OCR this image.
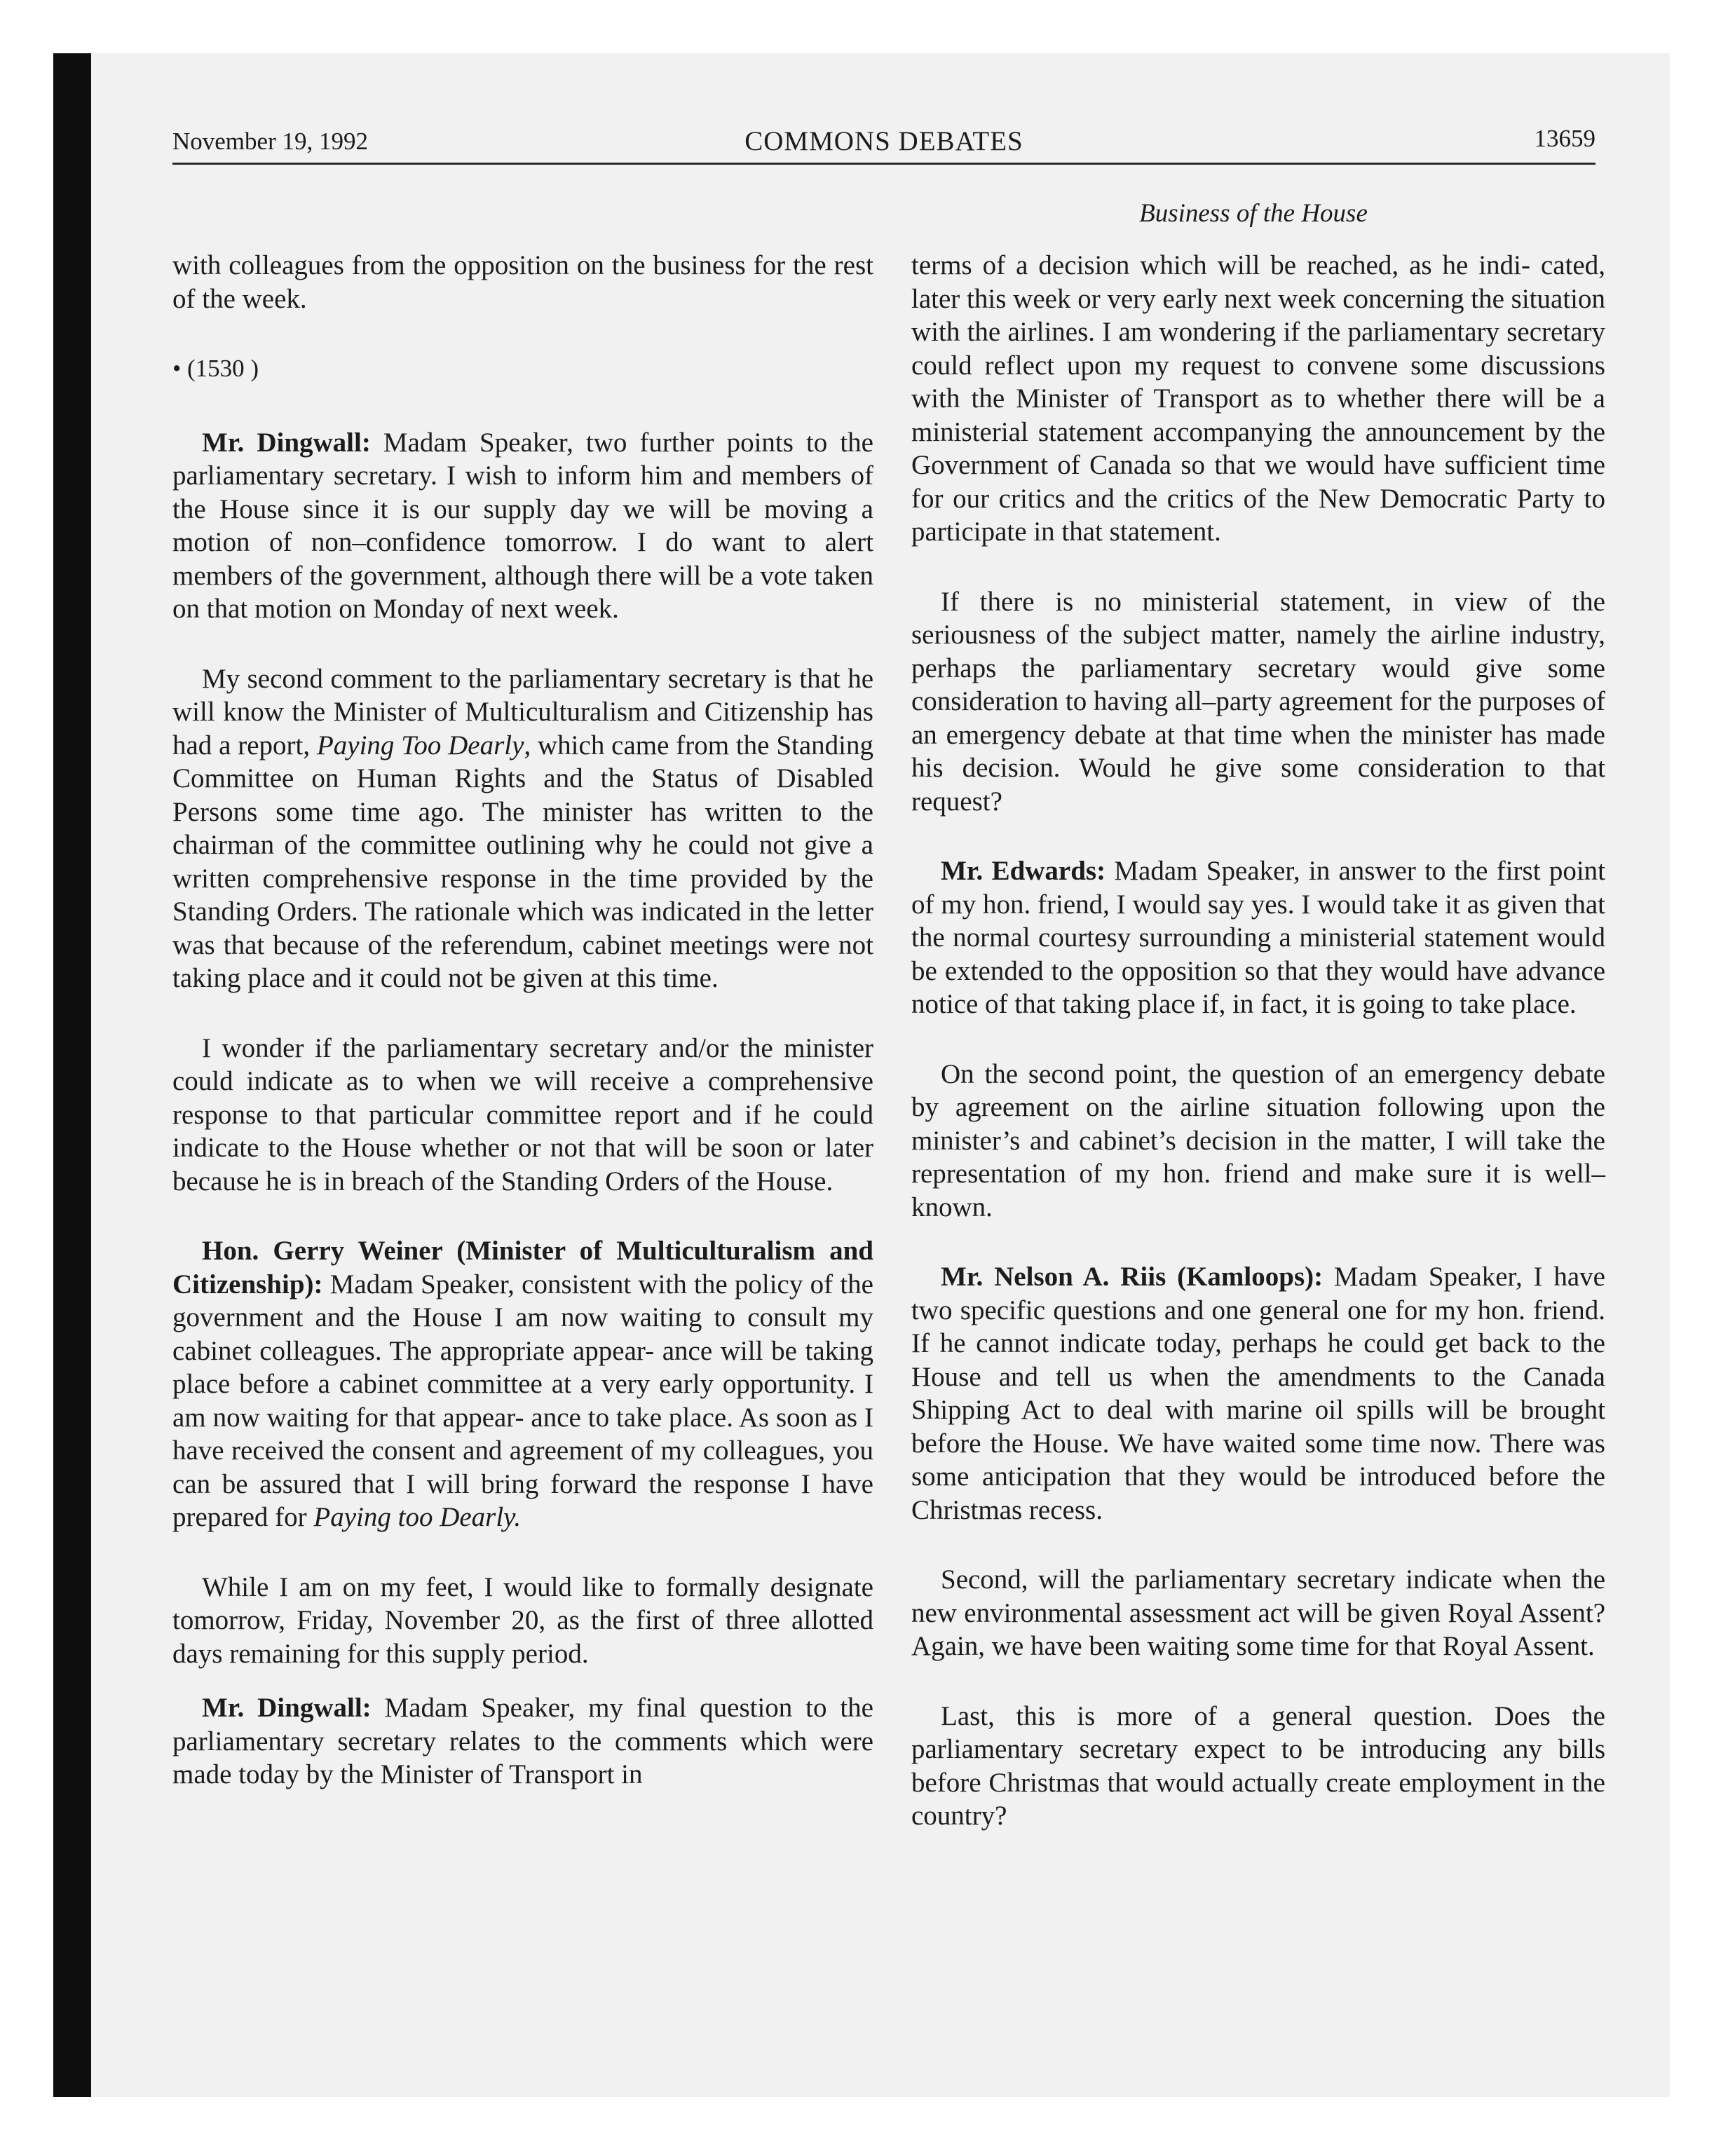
November 19, 1992	COMMONS DEBATES	13659
Business of the House

with colleagues from the opposition on the business for the rest of the week.

• (1530 )

Mr. Dingwall: Madam Speaker, two further points to the parliamentary secretary. I wish to inform him and members of the House since it is our supply day we will be moving a motion of non–confidence tomorrow. I do want to alert members of the government, although there will be a vote taken on that motion on Monday of next week.

My second comment to the parliamentary secretary is that he will know the Minister of Multiculturalism and Citizenship has had a report, Paying Too Dearly, which came from the Standing Committee on Human Rights and the Status of Disabled Persons some time ago. The minister has written to the chairman of the committee outlining why he could not give a written comprehensive response in the time provided by the Standing Orders. The rationale which was indicated in the letter was that because of the referendum, cabinet meetings were not taking place and it could not be given at this time.

I wonder if the parliamentary secretary and/or the minister could indicate as to when we will receive a comprehensive response to that particular committee report and if he could indicate to the House whether or not that will be soon or later because he is in breach of the Standing Orders of the House.

Hon. Gerry Weiner (Minister of Multiculturalism and Citizenship): Madam Speaker, consistent with the policy of the government and the House I am now waiting to consult my cabinet colleagues. The appropriate appear- ance will be taking place before a cabinet committee at a very early opportunity. I am now waiting for that appear- ance to take place. As soon as I have received the consent and agreement of my colleagues, you can be assured that I will bring forward the response I have prepared for Paying too Dearly.

While I am on my feet, I would like to formally designate tomorrow, Friday, November 20, as the first of three allotted days remaining for this supply period.

Mr. Dingwall: Madam Speaker, my final question to the parliamentary secretary relates to the comments which were made today by the Minister of Transport in

terms of a decision which will be reached, as he indi- cated, later this week or very early next week concerning the situation with the airlines. I am wondering if the parliamentary secretary could reflect upon my request to convene some discussions with the Minister of Transport as to whether there will be a ministerial statement accompanying the announcement by the Government of Canada so that we would have sufficient time for our critics and the critics of the New Democratic Party to participate in that statement.

If there is no ministerial statement, in view of the seriousness of the subject matter, namely the airline industry, perhaps the parliamentary secretary would give some consideration to having all–party agreement for the purposes of an emergency debate at that time when the minister has made his decision. Would he give some consideration to that request?

Mr. Edwards: Madam Speaker, in answer to the first point of my hon. friend, I would say yes. I would take it as given that the normal courtesy surrounding a ministerial statement would be extended to the opposition so that they would have advance notice of that taking place if, in fact, it is going to take place.

On the second point, the question of an emergency debate by agreement on the airline situation following upon the minister’s and cabinet’s decision in the matter, I will take the representation of my hon. friend and make sure it is well–known.

Mr. Nelson A. Riis (Kamloops): Madam Speaker, I have two specific questions and one general one for my hon. friend. If he cannot indicate today, perhaps he could get back to the House and tell us when the amendments to the Canada Shipping Act to deal with marine oil spills will be brought before the House. We have waited some time now. There was some anticipation that they would be introduced before the Christmas recess.

Second, will the parliamentary secretary indicate when the new environmental assessment act will be given Royal Assent? Again, we have been waiting some time for that Royal Assent.

Last, this is more of a general question. Does the parliamentary secretary expect to be introducing any bills before Christmas that would actually create employment in the country?
